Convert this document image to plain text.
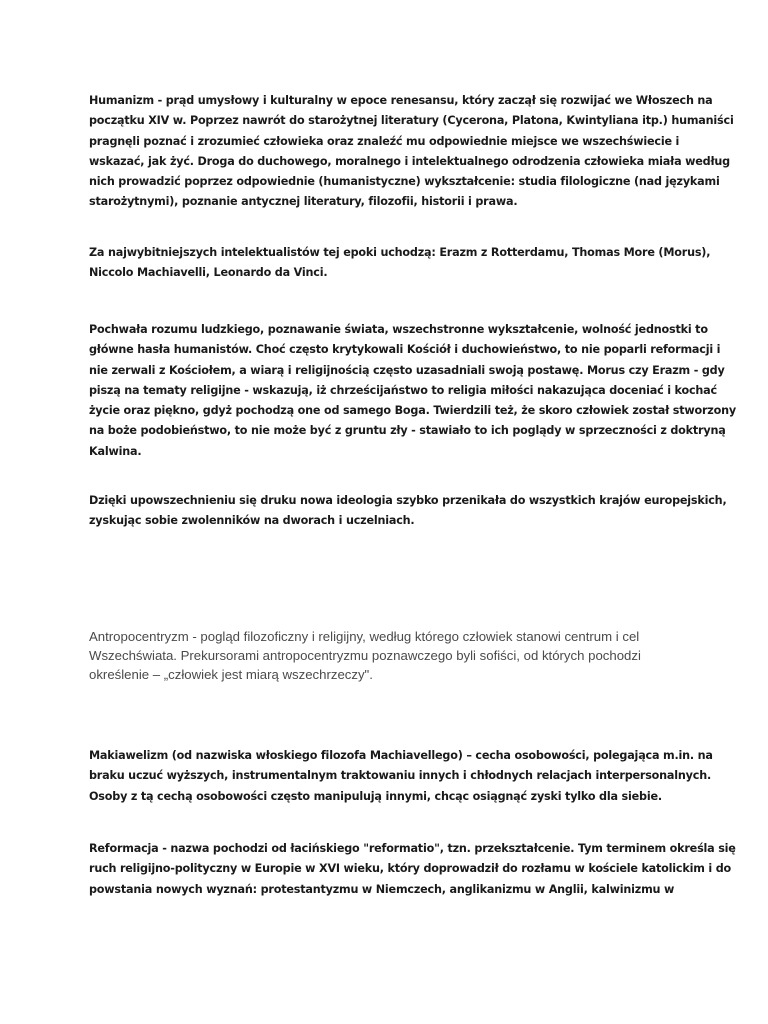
Humanizm - prąd umysłowy i kulturalny w epoce renesansu, który zaczął się rozwijać we Włoszech na
początku XIV w. Poprzez nawrót do starożytnej literatury (Cycerona, Platona, Kwintyliana itp.) humaniści
pragnęli poznać i zrozumieć człowieka oraz znaleźć mu odpowiednie miejsce we wszechświecie i
wskazać, jak żyć. Droga do duchowego, moralnego i intelektualnego odrodzenia człowieka miała według
nich prowadzić poprzez odpowiednie (humanistyczne) wykształcenie: studia filologiczne (nad językami
starożytnymi), poznanie antycznej literatury, filozofii, historii i prawa.

Za najwybitniejszych intelektualistów tej epoki uchodzą: Erazm z Rotterdamu, Thomas More (Morus),
Niccolo Machiavelli, Leonardo da Vinci.

Pochwała rozumu ludzkiego, poznawanie świata, wszechstronne wykształcenie, wolność jednostki to
główne hasła humanistów. Choć często krytykowali Kościół i duchowieństwo, to nie poparli reformacji i
nie zerwali z Kościołem, a wiarą i religijnością często uzasadniali swoją postawę. Morus czy Erazm - gdy
piszą na tematy religijne - wskazują, iż chrześcijaństwo to religia miłości nakazująca doceniać i kochać
życie oraz piękno, gdyż pochodzą one od samego Boga. Twierdzili też, że skoro człowiek został stworzony
na boże podobieństwo, to nie może być z gruntu zły - stawiało to ich poglądy w sprzeczności z doktryną
Kalwina.

Dzięki upowszechnieniu się druku nowa ideologia szybko przenikała do wszystkich krajów europejskich,
zyskując sobie zwolenników na dworach i uczelniach.

Antropocentryzm - pogląd filozoficzny i religijny, według którego człowiek stanowi centrum i cel
Wszechświata. Prekursorami antropocentryzmu poznawczego byli sofiści, od których pochodzi
określenie – „człowiek jest miarą wszechrzeczy".

Makiawelizm (od nazwiska włoskiego filozofa Machiavellego) – cecha osobowości, polegająca m.in. na
braku uczuć wyższych, instrumentalnym traktowaniu innych i chłodnych relacjach interpersonalnych.
Osoby z tą cechą osobowości często manipulują innymi, chcąc osiągnąć zyski tylko dla siebie.

Reformacja - nazwa pochodzi od łacińskiego "reformatio", tzn. przekształcenie. Tym terminem określa się
ruch religijno-polityczny w Europie w XVI wieku, który doprowadził do rozłamu w kościele katolickim i do
powstania nowych wyznań: protestantyzmu w Niemczech, anglikanizmu w Anglii, kalwinizmu w
